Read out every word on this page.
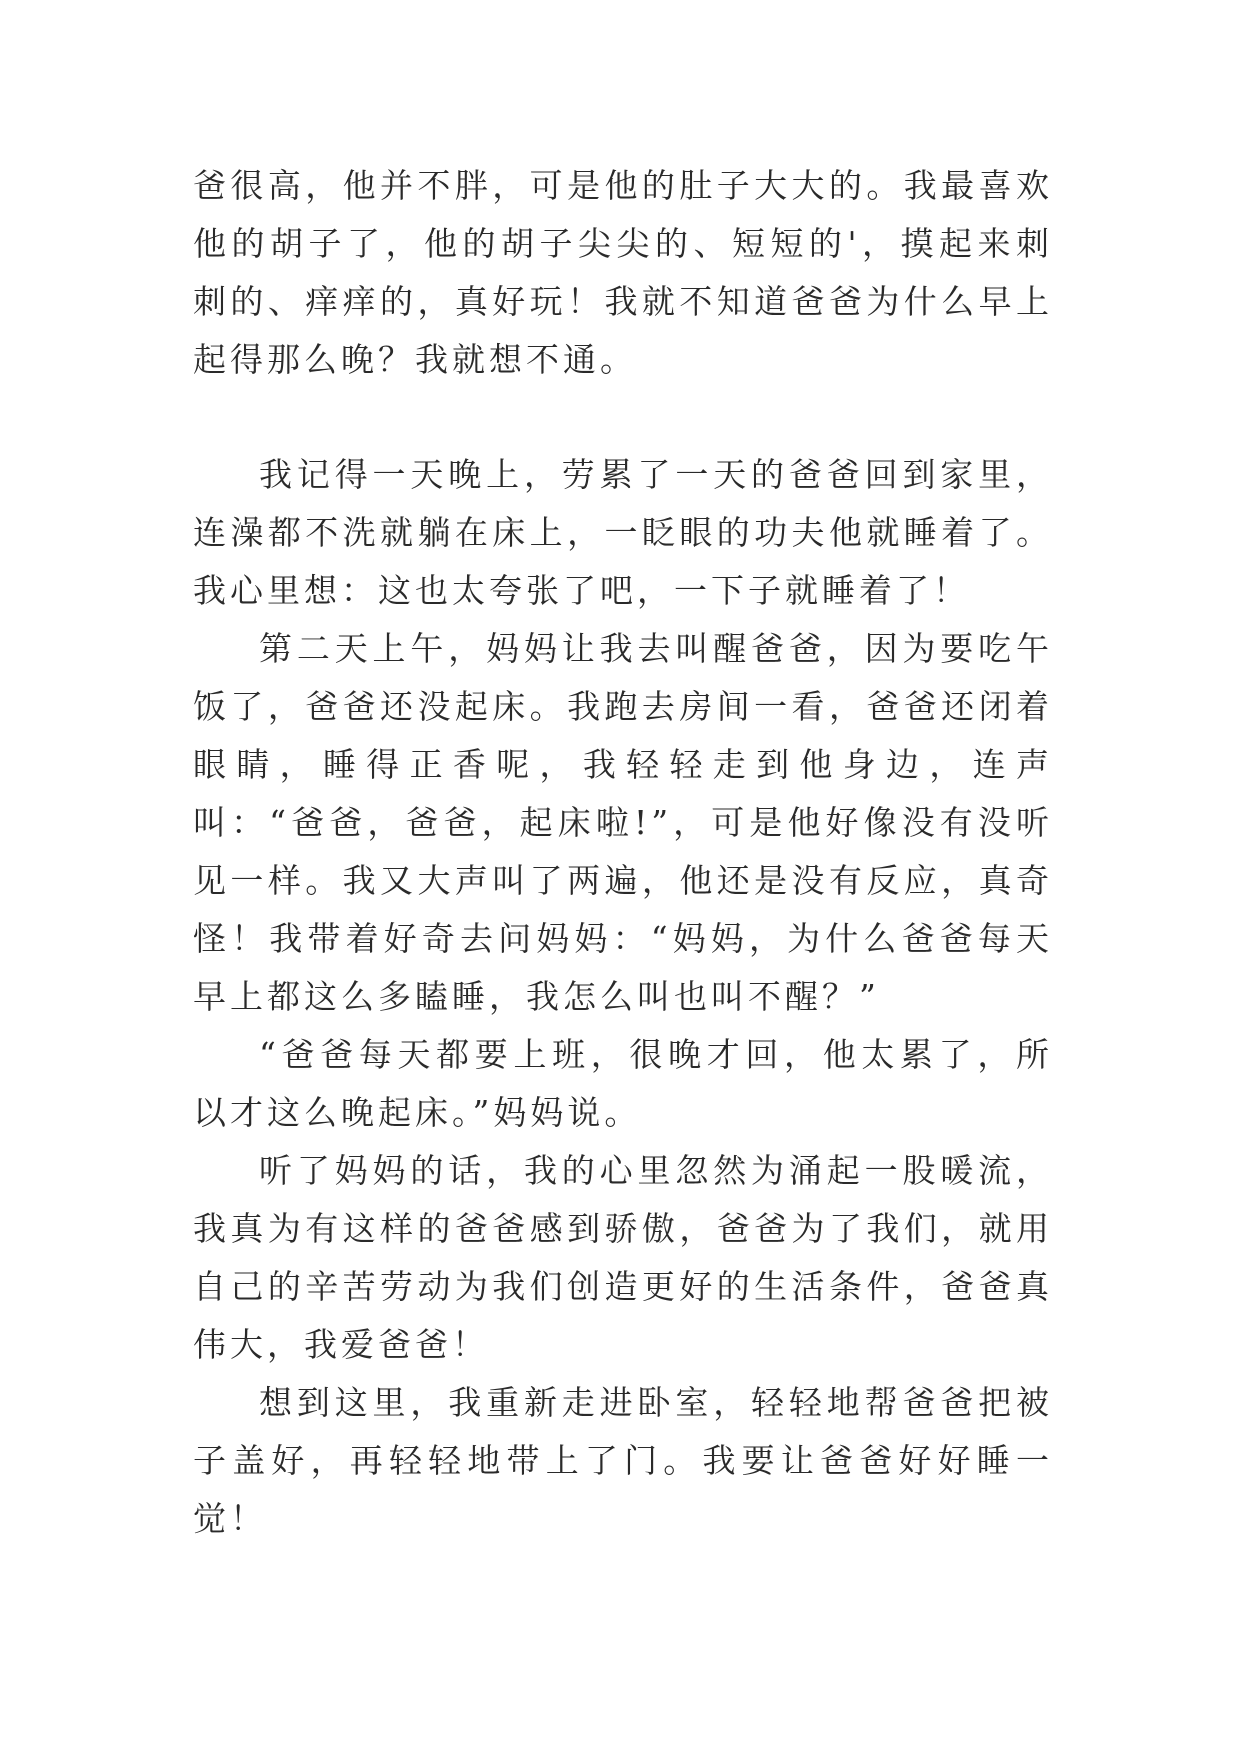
爸很高，他并不胖，可是他的肚子大大的。我最喜欢他的胡子了，他的胡子尖尖的、短短的'，摸起来刺刺的、痒痒的，真好玩！我就不知道爸爸为什么早上起得那么晚？我就想不通。

我记得一天晚上，劳累了一天的爸爸回到家里，连澡都不洗就躺在床上，一眨眼的功夫他就睡着了。我心里想：这也太夸张了吧，一下子就睡着了！

第二天上午，妈妈让我去叫醒爸爸，因为要吃午饭了，爸爸还没起床。我跑去房间一看，爸爸还闭着眼睛，睡得正香呢，我轻轻走到他身边，连声叫：“爸爸，爸爸，起床啦!”，可是他好像没有没听见一样。我又大声叫了两遍，他还是没有反应，真奇怪！我带着好奇去问妈妈：“妈妈，为什么爸爸每天早上都这么多瞌睡，我怎么叫也叫不醒？”

“爸爸每天都要上班，很晚才回，他太累了，所以才这么晚起床。”妈妈说。

听了妈妈的话，我的心里忽然为涌起一股暖流，我真为有这样的爸爸感到骄傲，爸爸为了我们，就用自己的辛苦劳动为我们创造更好的生活条件，爸爸真伟大，我爱爸爸！

想到这里，我重新走进卧室，轻轻地帮爸爸把被子盖好，再轻轻地带上了门。我要让爸爸好好睡一觉！
